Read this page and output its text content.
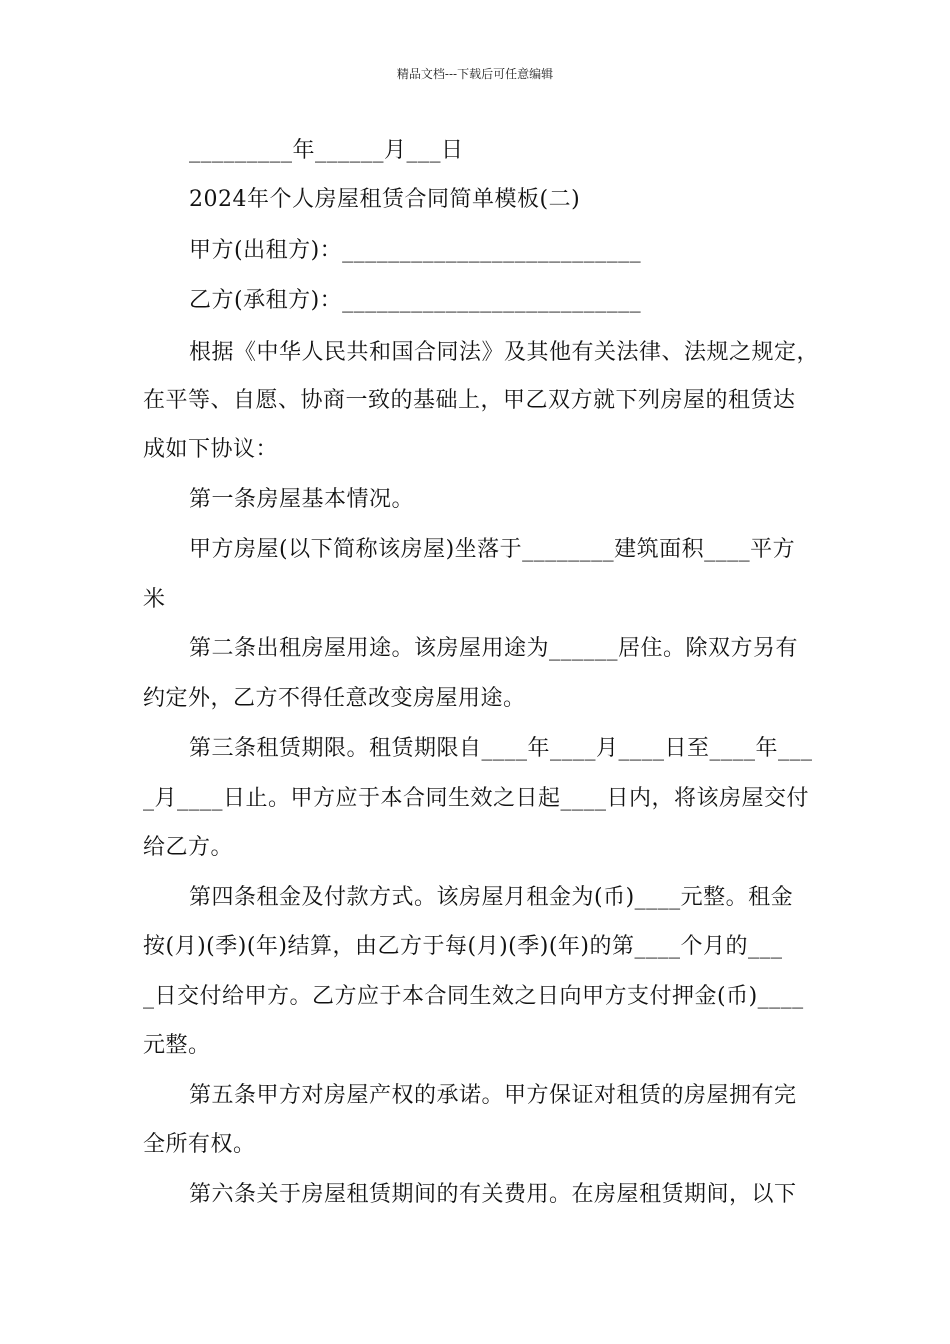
精品文档---下载后可任意编辑
_________年______月___日
2024年个人房屋租赁合同简单模板(二)
甲方(出租方)：__________________________
乙方(承租方)：__________________________
根据《中华人民共和国合同法》及其他有关法律、法规之规定，
在平等、自愿、协商一致的基础上，甲乙双方就下列房屋的租赁达
成如下协议：
第一条房屋基本情况。
甲方房屋(以下简称该房屋)坐落于________建筑面积____平方
米
第二条出租房屋用途。该房屋用途为______居住。除双方另有
约定外，乙方不得任意改变房屋用途。
第三条租赁期限。租赁期限自____年____月____日至____年___
_月____日止。甲方应于本合同生效之日起____日内，将该房屋交付
给乙方。
第四条租金及付款方式。该房屋月租金为(币)____元整。租金
按(月)(季)(年)结算，由乙方于每(月)(季)(年)的第____个月的___
_日交付给甲方。乙方应于本合同生效之日向甲方支付押金(币)____
元整。
第五条甲方对房屋产权的承诺。甲方保证对租赁的房屋拥有完
全所有权。
第六条关于房屋租赁期间的有关费用。在房屋租赁期间，以下
